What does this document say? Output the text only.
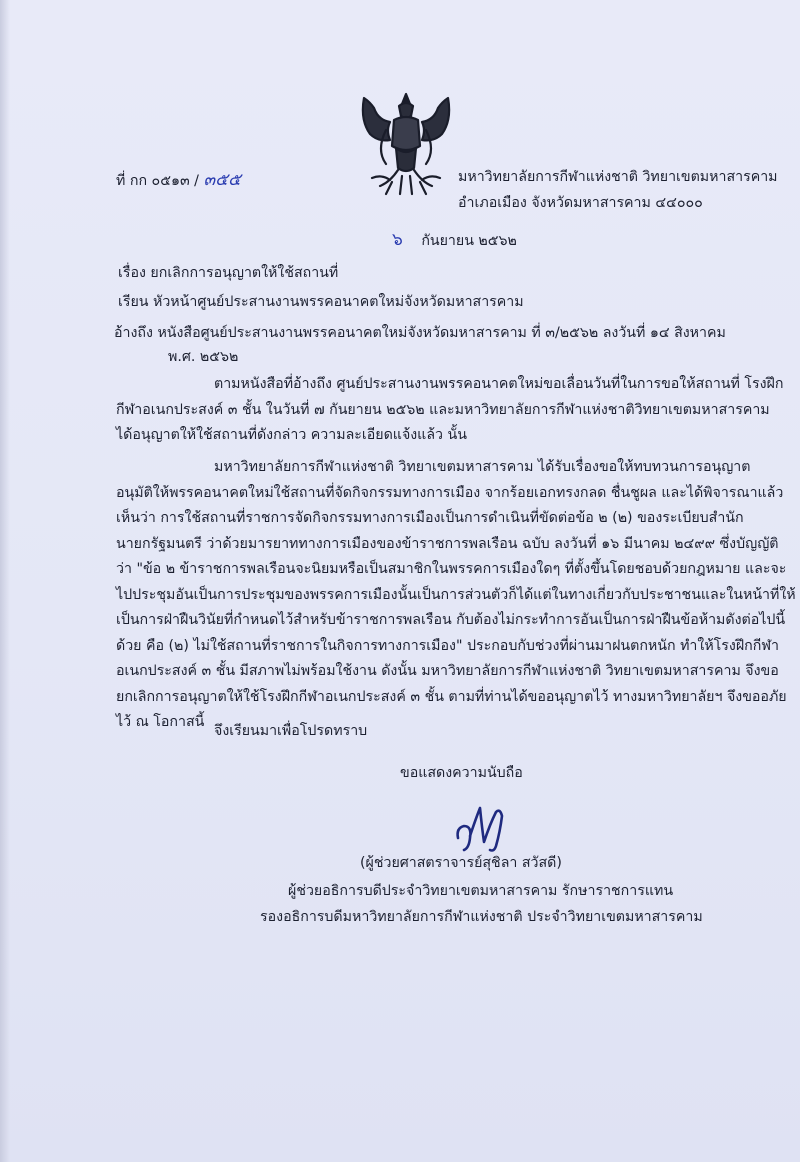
ที่ กก ๐๕๑๓ / ๓๕๕	มหาวิทยาลัยการกีฬาแห่งชาติ วิทยาเขตมหาสารคาม
อำเภอเมือง จังหวัดมหาสารคาม ๔๔๐๐๐
๖ กันยายน ๒๕๖๒
เรื่อง ยกเลิกการอนุญาตให้ใช้สถานที่
เรียน หัวหน้าศูนย์ประสานงานพรรคอนาคตใหม่จังหวัดมหาสารคาม
อ้างถึง หนังสือศูนย์ประสานงานพรรคอนาคตใหม่จังหวัดมหาสารคาม ที่ ๓/๒๕๖๒ ลงวันที่ ๑๔ สิงหาคม
พ.ศ. ๒๕๖๒
ตามหนังสือที่อ้างถึง ศูนย์ประสานงานพรรคอนาคตใหม่ขอเลื่อนวันที่ในการขอให้สถานที่ โรงฝึก
กีฬาอเนกประสงค์ ๓ ชั้น ในวันที่ ๗ กันยายน ๒๕๖๒ และมหาวิทยาลัยการกีฬาแห่งชาติวิทยาเขตมหาสารคาม
ได้อนุญาตให้ใช้สถานที่ดังกล่าว ความละเอียดแจ้งแล้ว นั้น
มหาวิทยาลัยการกีฬาแห่งชาติ วิทยาเขตมหาสารคาม ได้รับเรื่องขอให้ทบทวนการอนุญาต
อนุมัติให้พรรคอนาคตใหม่ใช้สถานที่จัดกิจกรรมทางการเมือง จากร้อยเอกทรงกลด ชื่นชูผล และได้พิจารณาแล้ว
เห็นว่า การใช้สถานที่ราชการจัดกิจกรรมทางการเมืองเป็นการดำเนินที่ขัดต่อข้อ ๒ (๒) ของระเบียบสำนัก
นายกรัฐมนตรี ว่าด้วยมารยาททางการเมืองของข้าราชการพลเรือน ฉบับ ลงวันที่ ๑๖ มีนาคม ๒๔๙๙ ซึ่งบัญญัติ
ว่า "ข้อ ๒ ข้าราชการพลเรือนจะนิยมหรือเป็นสมาชิกในพรรคการเมืองใดๆ ที่ตั้งขึ้นโดยชอบด้วยกฎหมาย และจะ
ไปประชุมอันเป็นการประชุมของพรรคการเมืองนั้นเป็นการส่วนตัวก็ได้แต่ในทางเกี่ยวกับประชาชนและในหน้าที่ให้
เป็นการฝ่าฝืนวินัยที่กำหนดไว้สำหรับข้าราชการพลเรือน กับต้องไม่กระทำการอันเป็นการฝ่าฝืนข้อห้ามดังต่อไปนี้
ด้วย คือ (๒) ไม่ใช้สถานที่ราชการในกิจการทางการเมือง" ประกอบกับช่วงที่ผ่านมาฝนตกหนัก ทำให้โรงฝึกกีฬา
อเนกประสงค์ ๓ ชั้น มีสภาพไม่พร้อมใช้งาน ดังนั้น มหาวิทยาลัยการกีฬาแห่งชาติ วิทยาเขตมหาสารคาม จึงขอ
ยกเลิกการอนุญาตให้ใช้โรงฝึกกีฬาอเนกประสงค์ ๓ ชั้น ตามที่ท่านได้ขออนุญาตไว้ ทางมหาวิทยาลัยฯ จึงขออภัย
ไว้ ณ โอกาสนี้
จึงเรียนมาเพื่อโปรดทราบ
ขอแสดงความนับถือ
(ผู้ช่วยศาสตราจารย์สุชิลา สวัสดี)
ผู้ช่วยอธิการบดีประจำวิทยาเขตมหาสารคาม รักษาราชการแทน
รองอธิการบดีมหาวิทยาลัยการกีฬาแห่งชาติ ประจำวิทยาเขตมหาสารคาม
